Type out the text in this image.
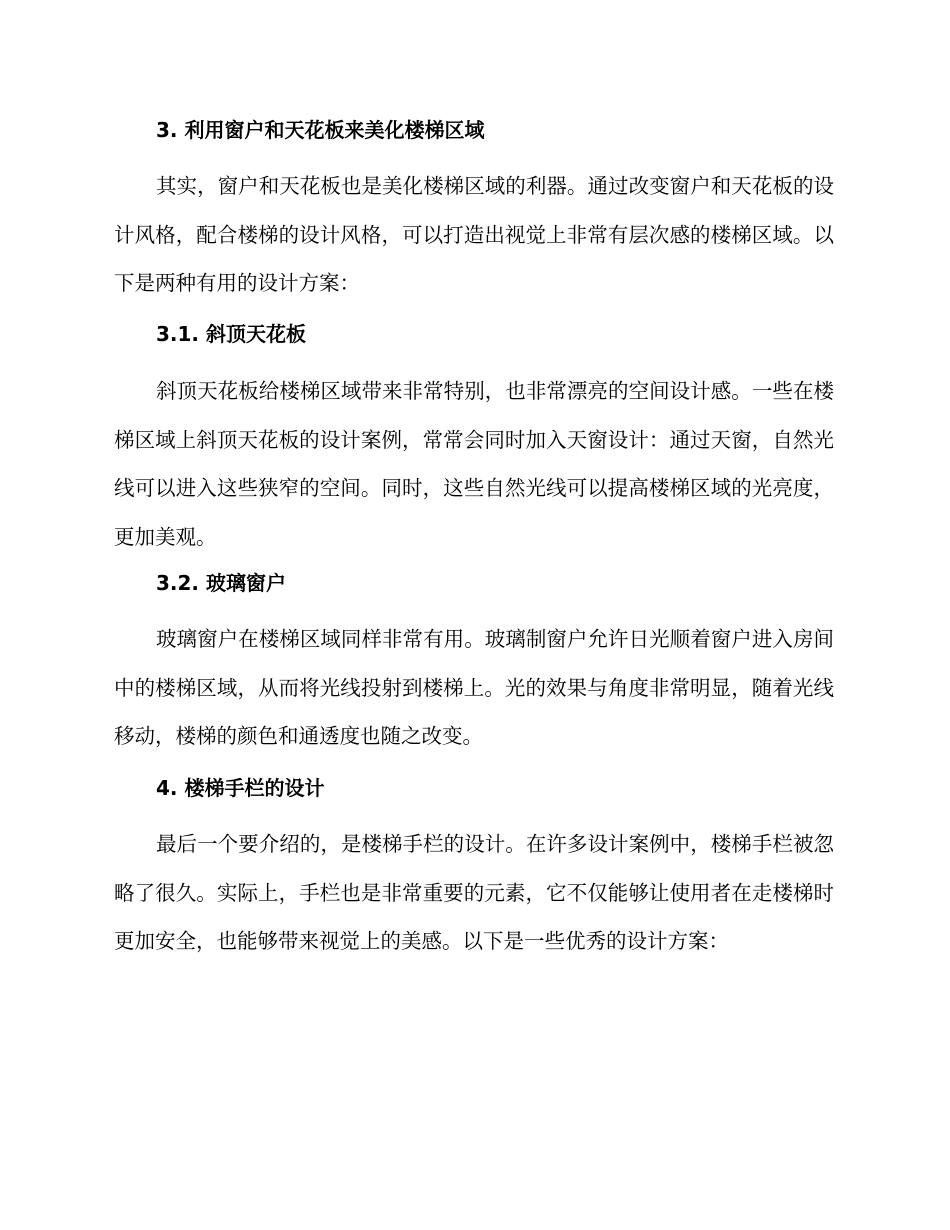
3. 利用窗户和天花板来美化楼梯区域

其实，窗户和天花板也是美化楼梯区域的利器。通过改变窗户和天花板的设计风格，配合楼梯的设计风格，可以打造出视觉上非常有层次感的楼梯区域。以下是两种有用的设计方案：

3.1. 斜顶天花板

斜顶天花板给楼梯区域带来非常特别，也非常漂亮的空间设计感。一些在楼梯区域上斜顶天花板的设计案例，常常会同时加入天窗设计：通过天窗，自然光线可以进入这些狭窄的空间。同时，这些自然光线可以提高楼梯区域的光亮度，更加美观。

3.2. 玻璃窗户

玻璃窗户在楼梯区域同样非常有用。玻璃制窗户允许日光顺着窗户进入房间中的楼梯区域，从而将光线投射到楼梯上。光的效果与角度非常明显，随着光线移动，楼梯的颜色和通透度也随之改变。

4. 楼梯手栏的设计

最后一个要介绍的，是楼梯手栏的设计。在许多设计案例中，楼梯手栏被忽略了很久。实际上，手栏也是非常重要的元素，它不仅能够让使用者在走楼梯时更加安全，也能够带来视觉上的美感。以下是一些优秀的设计方案：
